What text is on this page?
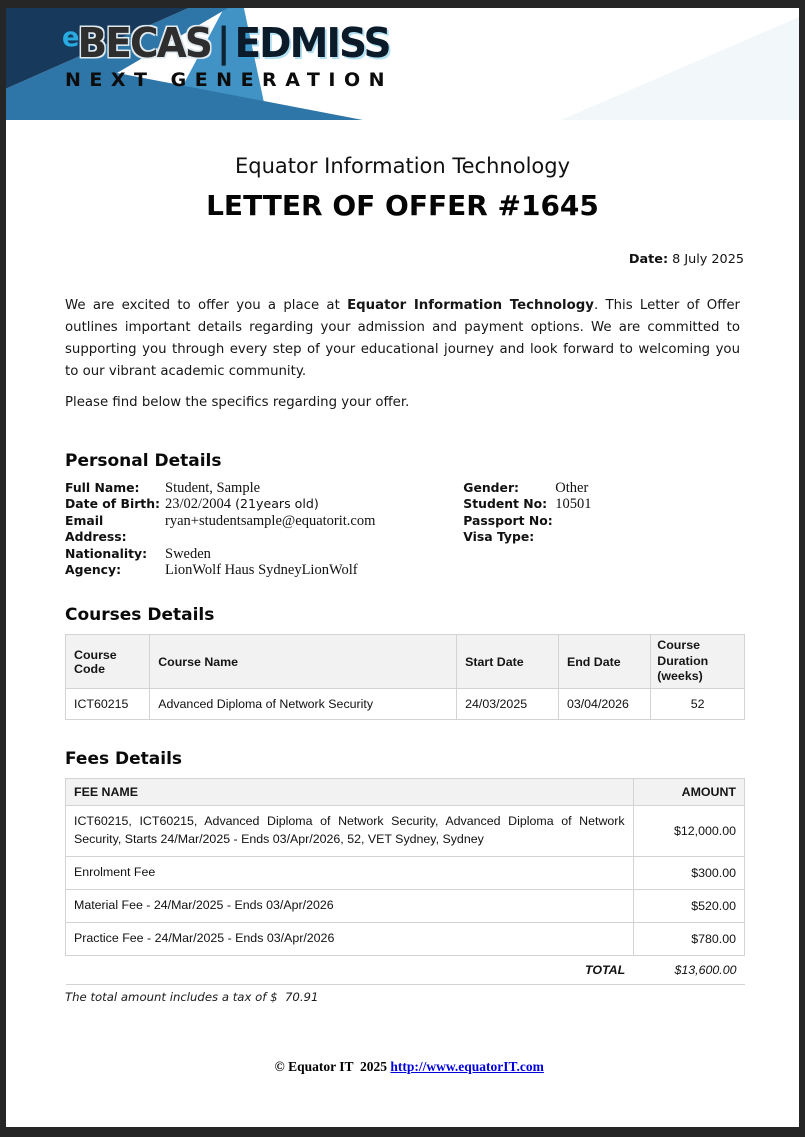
e
BECAS | EDMISS
NEXT GENERATION
Equator Information Technology
LETTER OF OFFER #1645
Date: 8 July 2025
We are excited to offer you a place at Equator Information Technology. This Letter of Offer outlines important details regarding your admission and payment options. We are committed to supporting you through every step of your educational journey and look forward to welcoming you to our vibrant academic community.
Please find below the specifics regarding your offer.
Personal Details
Full Name:	Student, Sample
Date of Birth: 23/02/2004 (21years old)
Email Address:
ryan+studentsample@equatorit.com
Nationality:	Sweden
Agency:	LionWolf Haus SydneyLionWolf
Gender:	Other
Student No: 10501
Passport No:
Visa Type:
Courses Details
Course Code	Course Name	Start Date	End Date	Course Duration (weeks)
ICT60215	Advanced Diploma of Network Security	24/03/2025	03/04/2026	52
Fees Details
FEE NAME	AMOUNT
ICT60215, ICT60215, Advanced Diploma of Network Security, Advanced Diploma of Network Security, Starts 24/Mar/2025 - Ends 03/Apr/2026, 52, VET Sydney, Sydney	$12,000.00
Enrolment Fee	$300.00
Material Fee - 24/Mar/2025 - Ends 03/Apr/2026	$520.00
Practice Fee - 24/Mar/2025 - Ends 03/Apr/2026	$780.00
TOTAL	$13,600.00
The total amount includes a tax of $  70.91

© Equator IT  2025 http://www.equatorIT.com
